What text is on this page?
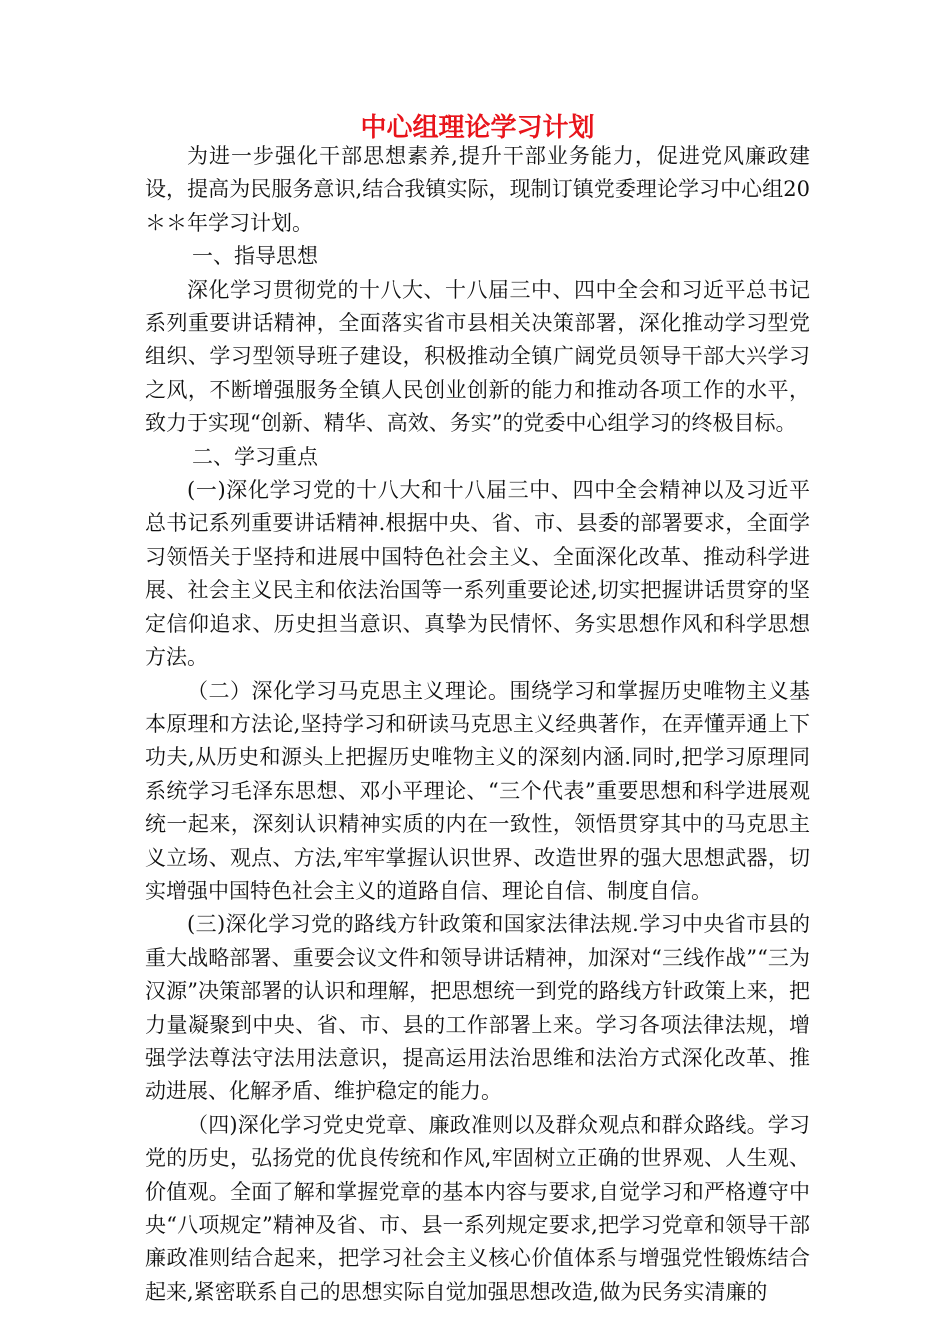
中心组理论学习计划

为进一步强化干部思想素养,提升干部业务能力，促进党风廉政建设，提高为民服务意识,结合我镇实际，现制订镇党委理论学习中心组20＊＊年学习计划。

一、指导思想

深化学习贯彻党的十八大、十八届三中、四中全会和习近平总书记系列重要讲话精神，全面落实省市县相关决策部署，深化推动学习型党组织、学习型领导班子建设，积极推动全镇广阔党员领导干部大兴学习之风，不断增强服务全镇人民创业创新的能力和推动各项工作的水平，致力于实现“创新、精华、高效、务实”的党委中心组学习的终极目标。

二、学习重点

(一)深化学习党的十八大和十八届三中、四中全会精神以及习近平总书记系列重要讲话精神.根据中央、省、市、县委的部署要求，全面学习领悟关于坚持和进展中国特色社会主义、全面深化改革、推动科学进展、社会主义民主和依法治国等一系列重要论述,切实把握讲话贯穿的坚定信仰追求、历史担当意识、真挚为民情怀、务实思想作风和科学思想方法。

（二）深化学习马克思主义理论。围绕学习和掌握历史唯物主义基本原理和方法论,坚持学习和研读马克思主义经典著作，在弄懂弄通上下功夫,从历史和源头上把握历史唯物主义的深刻内涵.同时,把学习原理同系统学习毛泽东思想、邓小平理论、“三个代表”重要思想和科学进展观统一起来，深刻认识精神实质的内在一致性，领悟贯穿其中的马克思主义立场、观点、方法,牢牢掌握认识世界、改造世界的强大思想武器，切实增强中国特色社会主义的道路自信、理论自信、制度自信。

(三)深化学习党的路线方针政策和国家法律法规.学习中央省市县的重大战略部署、重要会议文件和领导讲话精神，加深对“三线作战”“三为汉源”决策部署的认识和理解，把思想统一到党的路线方针政策上来，把力量凝聚到中央、省、市、县的工作部署上来。学习各项法律法规，增强学法尊法守法用法意识，提高运用法治思维和法治方式深化改革、推动进展、化解矛盾、维护稳定的能力。

（四)深化学习党史党章、廉政准则以及群众观点和群众路线。学习党的历史，弘扬党的优良传统和作风,牢固树立正确的世界观、人生观、价值观。全面了解和掌握党章的基本内容与要求,自觉学习和严格遵守中央“八项规定”精神及省、市、县一系列规定要求,把学习党章和领导干部廉政准则结合起来，把学习社会主义核心价值体系与增强党性锻炼结合起来,紧密联系自己的思想实际自觉加强思想改造,做为民务实清廉的
